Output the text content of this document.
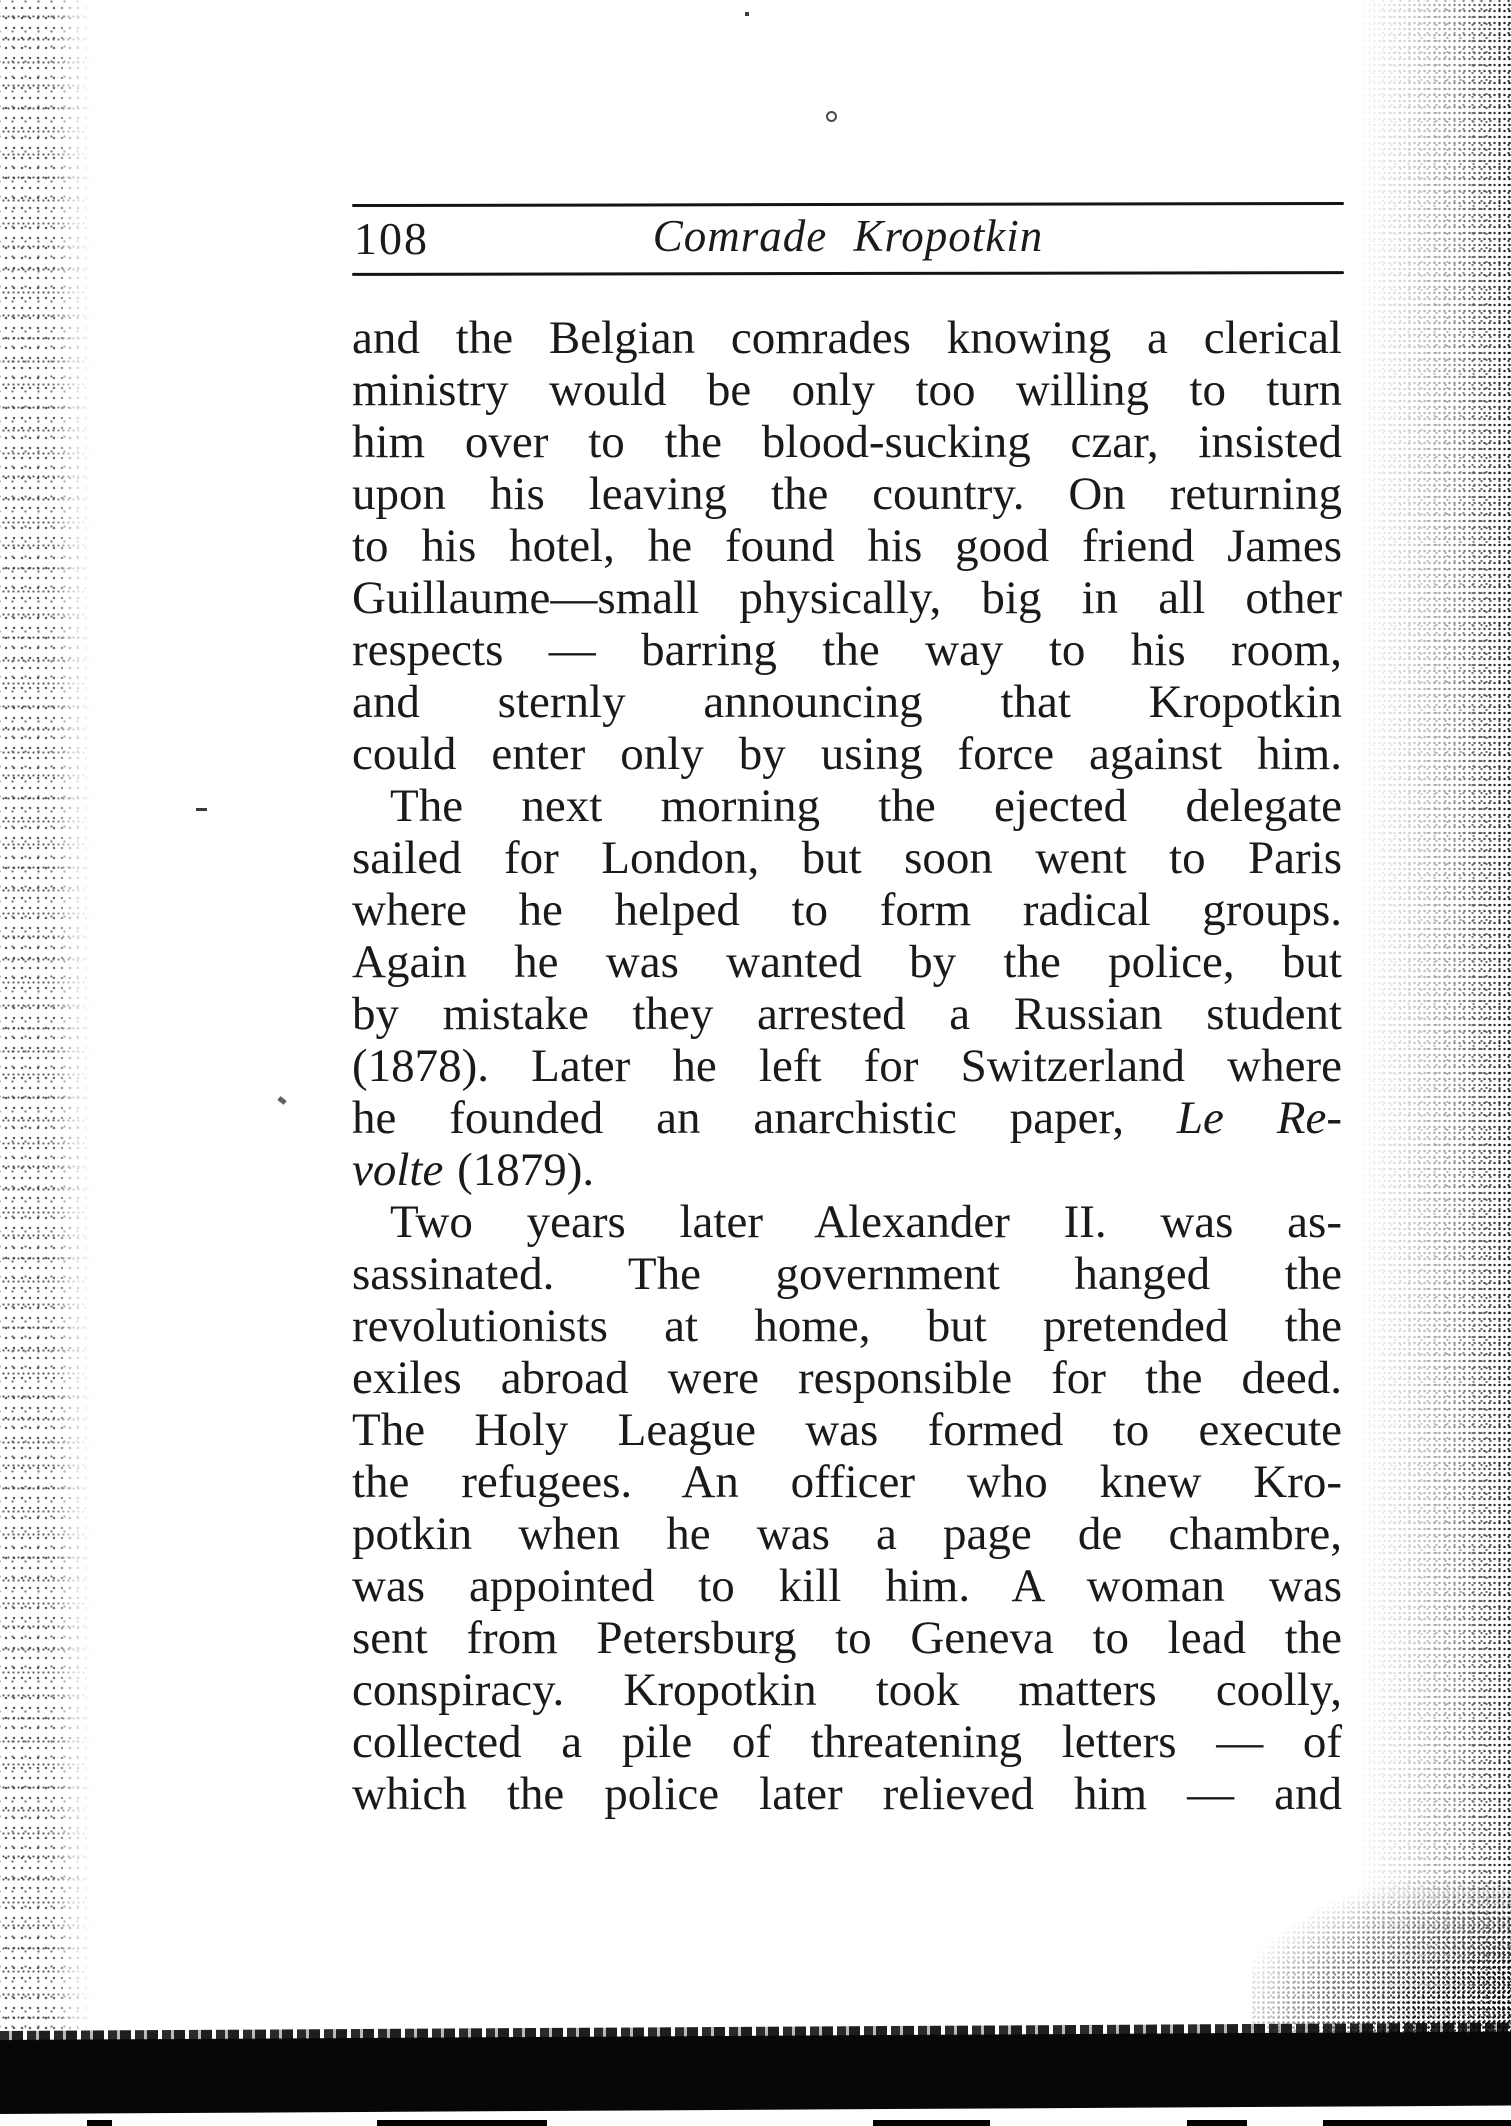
108	Comrade Kropotkin
and the Belgian comrades knowing a clerical
ministry would be only too willing to turn
him over to the blood-sucking czar, insisted
upon his leaving the country. On returning
to his hotel, he found his good friend James
Guillaume—small physically, big in all other
respects — barring the way to his room,
and sternly announcing that Kropotkin
could enter only by using force against him.
The next morning the ejected delegate
sailed for London, but soon went to Paris
where he helped to form radical groups.
Again he was wanted by the police, but
by mistake they arrested a Russian student
(1878). Later he left for Switzerland where
he founded an anarchistic paper, Le Re-
volte (1879).
Two years later Alexander II. was as-
sassinated. The government hanged the
revolutionists at home, but pretended the
exiles abroad were responsible for the deed.
The Holy League was formed to execute
the refugees. An officer who knew Kro-
potkin when he was a page de chambre,
was appointed to kill him. A woman was
sent from Petersburg to Geneva to lead the
conspiracy. Kropotkin took matters coolly,
collected a pile of threatening letters — of
which the police later relieved him — and
